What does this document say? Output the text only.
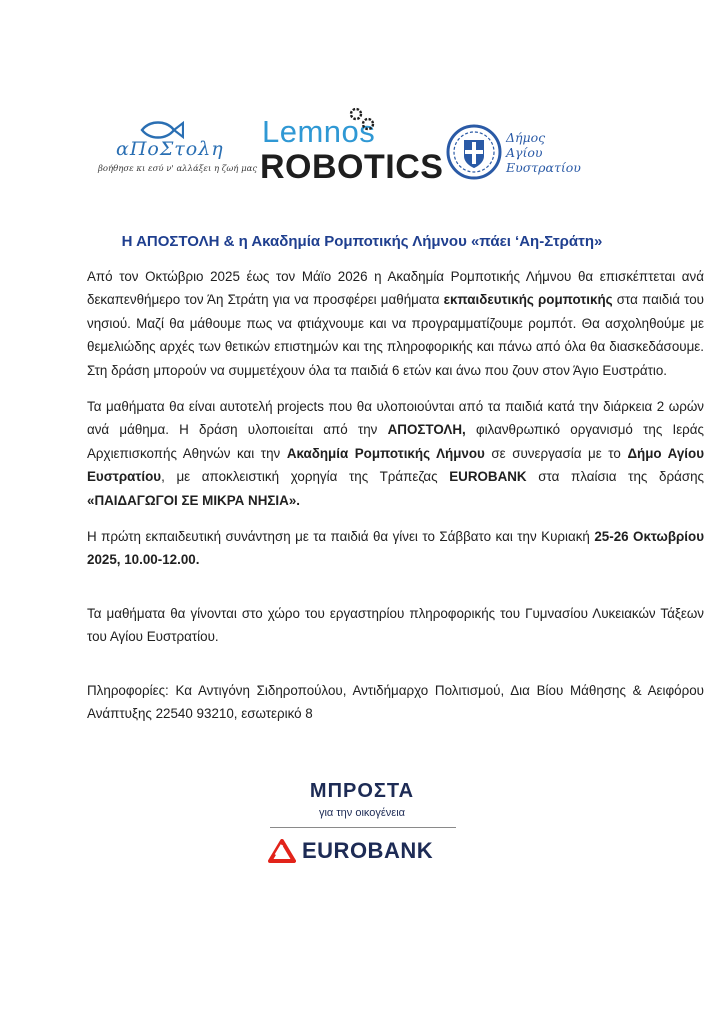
αΠοΣτολη
βοήθησε κι εσύ ν' αλλάξει η ζωή μας
Lemnos
ROBOTICS
Δήμος
Αγίου
Ευστρατίου
Η ΑΠΟΣΤΟΛΗ & η Ακαδημία Ρομποτικής Λήμνου «πάει ‘Αη-Στράτη»

Από τον Οκτώβριο 2025 έως τον Μάϊο 2026 η Ακαδημία Ρομποτικής Λήμνου θα επισκέπτεται ανά δεκαπενθήμερο τον Άη Στράτη για να προσφέρει μαθήματα εκπαιδευτικής ρομποτικής στα παιδιά του νησιού. Μαζί θα μάθουμε πως να φτιάχνουμε και να προγραμματίζουμε ρομπότ. Θα ασχοληθούμε με θεμελιώδης αρχές των θετικών επιστημών και της πληροφορικής και πάνω από όλα θα διασκεδάσουμε. Στη δράση μπορούν να συμμετέχουν όλα τα παιδιά 6 ετών και άνω που ζουν στον Άγιο Ευστράτιο.

Τα μαθήματα θα είναι αυτοτελή projects που θα υλοποιούνται από τα παιδιά κατά την διάρκεια 2 ωρών ανά μάθημα. Η δράση υλοποιείται από την ΑΠΟΣΤΟΛΗ, φιλανθρωπικό οργανισμό της Ιεράς Αρχιεπισκοπής Αθηνών και την Ακαδημία Ρομποτικής Λήμνου σε συνεργασία με το Δήμο Αγίου Ευστρατίου, με αποκλειστική χορηγία της Τράπεζας EUROBANK στα πλαίσια της δράσης «ΠΑΙΔΑΓΩΓΟΙ ΣΕ ΜΙΚΡΑ ΝΗΣΙΑ».

Η πρώτη εκπαιδευτική συνάντηση με τα παιδιά θα γίνει το Σάββατο και την Κυριακή 25-26 Οκτωβρίου 2025, 10.00-12.00.

Τα μαθήματα θα γίνονται στο χώρο του εργαστηρίου πληροφορικής του Γυμνασίου Λυκειακών Τάξεων του Αγίου Ευστρατίου.

Πληροφορίες: Κα Αντιγόνη Σιδηροπούλου, Αντιδήμαρχο Πολιτισμού, Δια Βίου Μάθησης & Αειφόρου Ανάπτυξης 22540 93210, εσωτερικό 8

ΜΠΡΟΣΤΑ
για την οικογένεια
EUROBANK
